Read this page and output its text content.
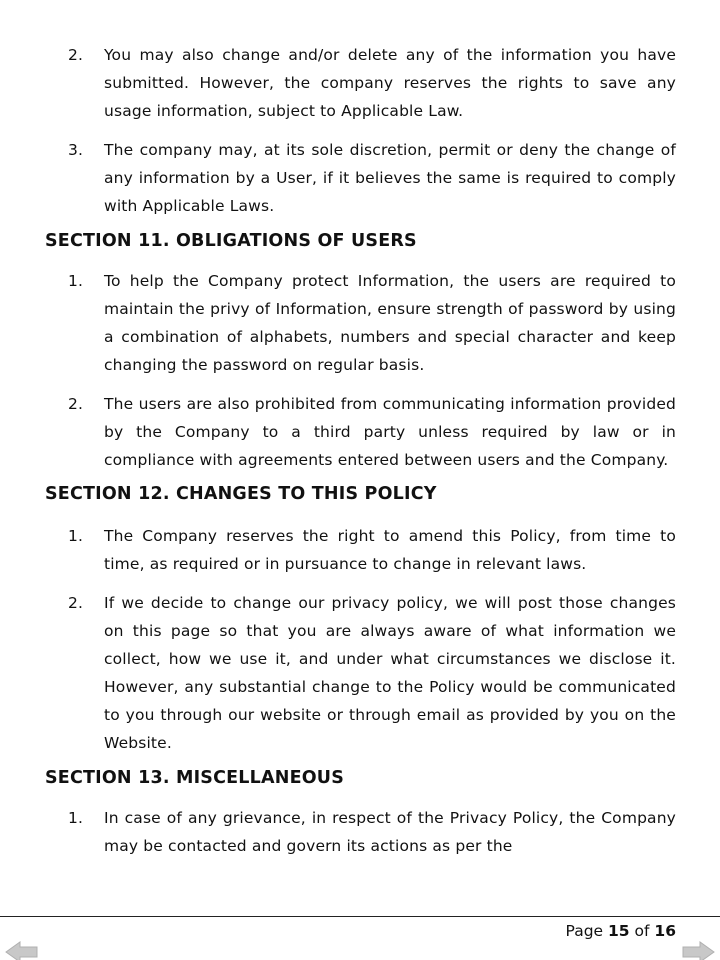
2. You may also change and/or delete any of the information you have submitted. However, the company reserves the rights to save any usage information, subject to Applicable Law.
3. The company may, at its sole discretion, permit or deny the change of any information by a User, if it believes the same is required to comply with Applicable Laws.
SECTION 11. OBLIGATIONS OF USERS
1. To help the Company protect Information, the users are required to maintain the privy of Information, ensure strength of password by using a combination of alphabets, numbers and special character and keep changing the password on regular basis.
2. The users are also prohibited from communicating information provided by the Company to a third party unless required by law or in compliance with agreements entered between users and the Company.
SECTION 12. CHANGES TO THIS POLICY
1. The Company reserves the right to amend this Policy, from time to time, as required or in pursuance to change in relevant laws.
2. If we decide to change our privacy policy, we will post those changes on this page so that you are always aware of what information we collect, how we use it, and under what circumstances we disclose it. However, any substantial change to the Policy would be communicated to you through our website or through email as provided by you on the Website.
SECTION 13. MISCELLANEOUS
1. In case of any grievance, in respect of the Privacy Policy, the Company may be contacted and govern its actions as per the
Page 15 of 16
